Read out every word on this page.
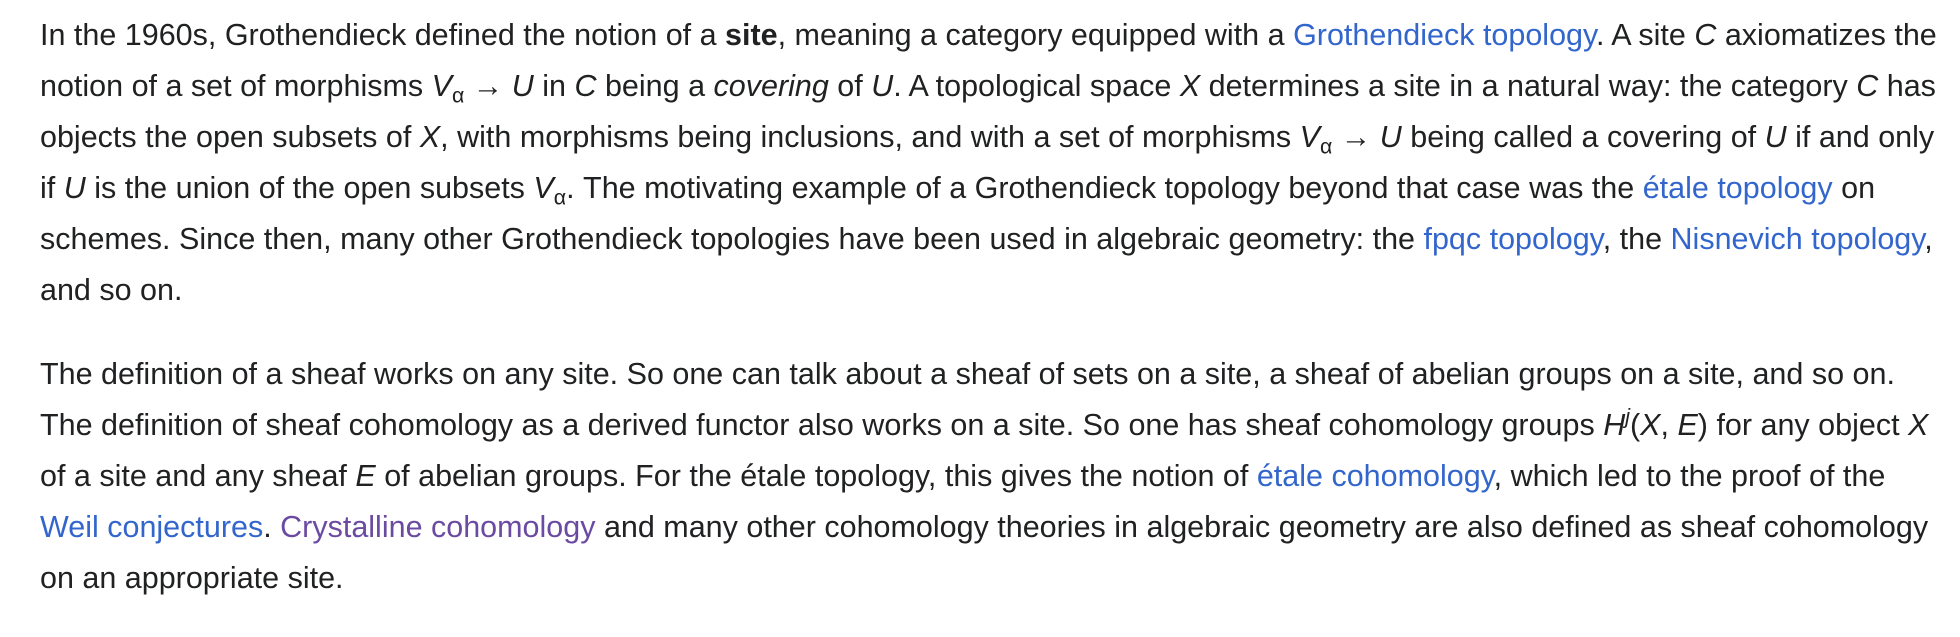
In the 1960s, Grothendieck defined the notion of a site, meaning a category equipped with a Grothendieck topology. A site C axiomatizes the notion of a set of morphisms $V_\alpha \to U$ in C being a covering of U. A topological space X determines a site in a natural way: the category C has objects the open subsets of X, with morphisms being inclusions, and with a set of morphisms $V_\alpha \to U$ being called a covering of U if and only if U is the union of the open subsets $V_\alpha$. The motivating example of a Grothendieck topology beyond that case was the étale topology on schemes. Since then, many other Grothendieck topologies have been used in algebraic geometry: the fpqc topology, the Nisnevich topology, and so on.

The definition of a sheaf works on any site. So one can talk about a sheaf of sets on a site, a sheaf of abelian groups on a site, and so on. The definition of sheaf cohomology as a derived functor also works on a site. So one has sheaf cohomology groups $H^j(X$, E) for any object X of a site and any sheaf E of abelian groups. For the étale topology, this gives the notion of étale cohomology, which led to the proof of the Weil conjectures. Crystalline cohomology and many other cohomology theories in algebraic geometry are also defined as sheaf cohomology on an appropriate site.
